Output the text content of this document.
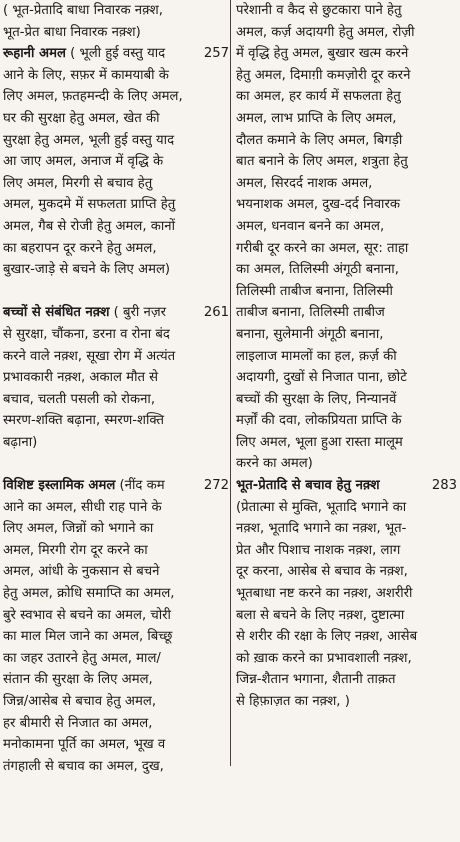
( भूत-प्रेतादि बाधा निवारक नक़्श,
भूत-प्रेत बाधा निवारक नक़्श)
रूहानी अमल ( भूली हुई वस्तु याद	257
आने के लिए, सफ़र में कामयाबी के
लिए अमल, फ़तहमन्दी के लिए अमल,
घर की सुरक्षा हेतु अमल, खेत की
सुरक्षा हेतु अमल, भूली हुई वस्तु याद
आ जाए अमल, अनाज में वृद्धि के
लिए अमल, मिरगी से बचाव हेतु
अमल, मुकदमे में सफलता प्राप्ति हेतु
अमल, गैब से रोजी हेतु अमल, कानों
का बहरापन दूर करने हेतु अमल,
बुखार-जाड़े से बचने के लिए अमल)
बच्चों से संबंधित नक़्श ( बुरी नज़र	261
से सुरक्षा, चौंकना, डरना व रोना बंद
करने वाले नक़्श, सूखा रोग में अत्यंत
प्रभावकारी नक़्श, अकाल मौत से
बचाव, चलती पसली को रोकना,
स्मरण-शक्ति बढ़ाना, स्मरण-शक्ति
बढ़ाना)
विशिष्ट इस्लामिक अमल (नींद कम	272
आने का अमल, सीधी राह पाने के
लिए अमल, जिन्नों को भगाने का
अमल, मिरगी रोग दूर करने का
अमल, आंधी के नुकसान से बचने
हेतु अमल, क्रोधि समाप्ति का अमल,
बुरे स्वभाव से बचने का अमल, चोरी
का माल मिल जाने का अमल, बिच्छू
का जहर उतारने हेतु अमल, माल/
संतान की सुरक्षा के लिए अमल,
जिन्न/आसेब से बचाव हेतु अमल,
हर बीमारी से निजात का अमल,
मनोकामना पूर्ति का अमल, भूख व
तंगहाली से बचाव का अमल, दुख,
परेशानी व कैद से छुटकारा पाने हेतु
अमल, कर्ज़ अदायगी हेतु अमल, रोज़ी
में वृद्धि हेतु अमल, बुखार खत्म करने
हेतु अमल, दिमाग़ी कमज़ोरी दूर करने
का अमल, हर कार्य में सफलता हेतु
अमल, लाभ प्राप्ति के लिए अमल,
दौलत कमाने के लिए अमल, बिगड़ी
बात बनाने के लिए अमल, शत्रुता हेतु
अमल, सिरदर्द नाशक अमल,
भयनाशक अमल, दुख-दर्द निवारक
अमल, धनवान बनने का अमल,
गरीबी दूर करने का अमल, सूर: ताहा
का अमल, तिलिस्मी अंगूठी बनाना,
तिलिस्मी ताबीज बनाना, तिलिस्मी
ताबीज बनाना, तिलिस्मी ताबीज
बनाना, सुलेमानी अंगूठी बनाना,
लाइलाज मामलों का हल, क़र्ज़ की
अदायगी, दुखों से निजात पाना, छोटे
बच्चों की सुरक्षा के लिए, निन्यानवें
मर्ज़ों की दवा, लोकप्रियता प्राप्ति के
लिए अमल, भूला हुआ रास्ता मालूम
करने का अमल)
भूत-प्रेतादि से बचाव हेतु नक़्श	283
(प्रेतात्मा से मुक्ति, भूतादि भगाने का
नक़्श, भूतादि भगाने का नक़्श, भूत-
प्रेत और पिशाच नाशक नक़्श, लाग
दूर करना, आसेब से बचाव के नक़्श,
भूतबाधा नष्ट करने का नक़्श, अशरीरी
बला से बचने के लिए नक़्श, दुष्टात्मा
से शरीर की रक्षा के लिए नक़्श, आसेब
को ख़ाक करने का प्रभावशाली नक़्श,
जिन्न-शैतान भगाना, शैतानी ताक़त
से हिफ़ाज़त का नक़्श, )
